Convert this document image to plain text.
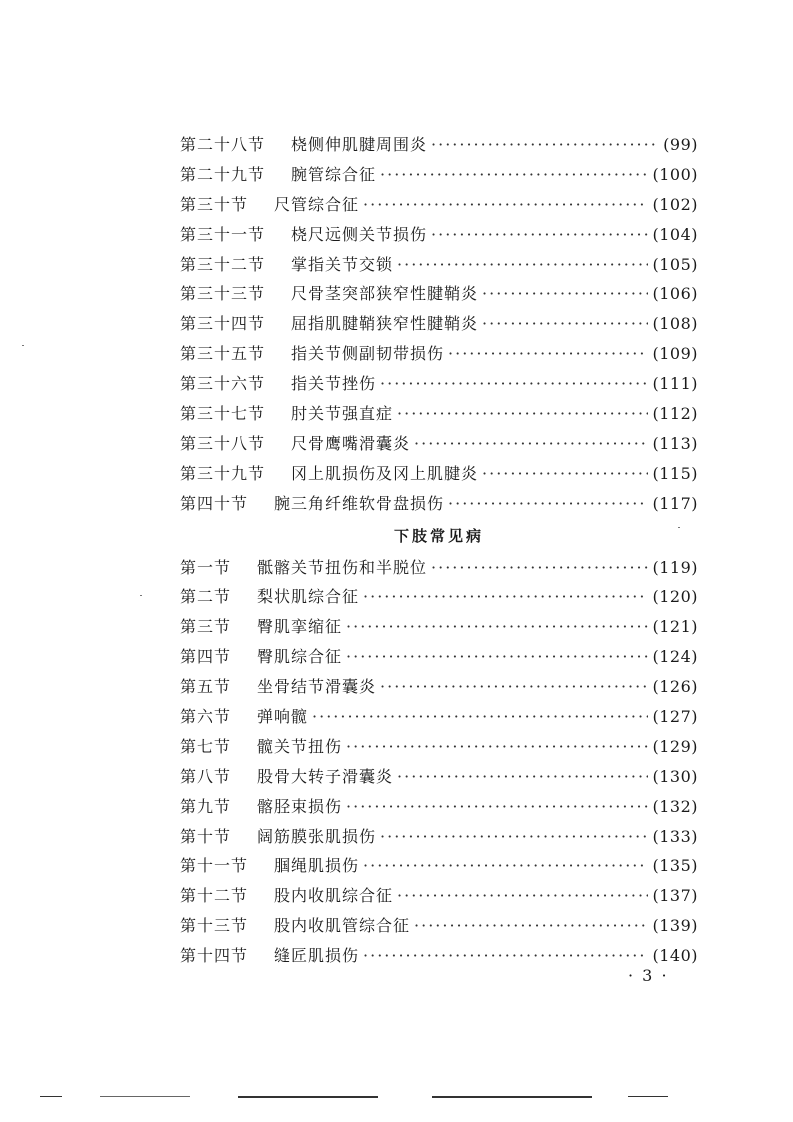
第二十八节 桡侧伸肌腱周围炎 ·····	(99)
第二十九节 腕管综合征 ·····	(100)
第三十节 尺管综合征 ·····	(102)
第三十一节 桡尺远侧关节损伤 ·····	(104)
第三十二节 掌指关节交锁 ·····	(105)
第三十三节 尺骨茎突部狭窄性腱鞘炎 ·····	(106)
第三十四节 屈指肌腱鞘狭窄性腱鞘炎 ·····	(108)
第三十五节 指关节侧副韧带损伤 ·····	(109)
第三十六节 指关节挫伤 ·····	(111)
第三十七节 肘关节强直症 ·····	(112)
第三十八节 尺骨鹰嘴滑囊炎 ·····	(113)
第三十九节 冈上肌损伤及冈上肌腱炎 ·····	(115)
第四十节 腕三角纤维软骨盘损伤 ·····	(117)
下肢常见病
第一节 骶髂关节扭伤和半脱位 ·····	(119)
第二节 梨状肌综合征 ·····	(120)
第三节 臀肌挛缩征 ·····	(121)
第四节 臀肌综合征 ·····	(124)
第五节 坐骨结节滑囊炎 ·····	(126)
第六节 弹响髋 ·····	(127)
第七节 髋关节扭伤 ·····	(129)
第八节 股骨大转子滑囊炎 ·····	(130)
第九节 髂胫束损伤 ·····	(132)
第十节 阔筋膜张肌损伤 ·····	(133)
第十一节 腘绳肌损伤 ·····	(135)
第十二节 股内收肌综合征 ·····	(137)
第十三节 股内收肌管综合征 ·····	(139)
第十四节 缝匠肌损伤 ·····	(140)
· 3 ·
